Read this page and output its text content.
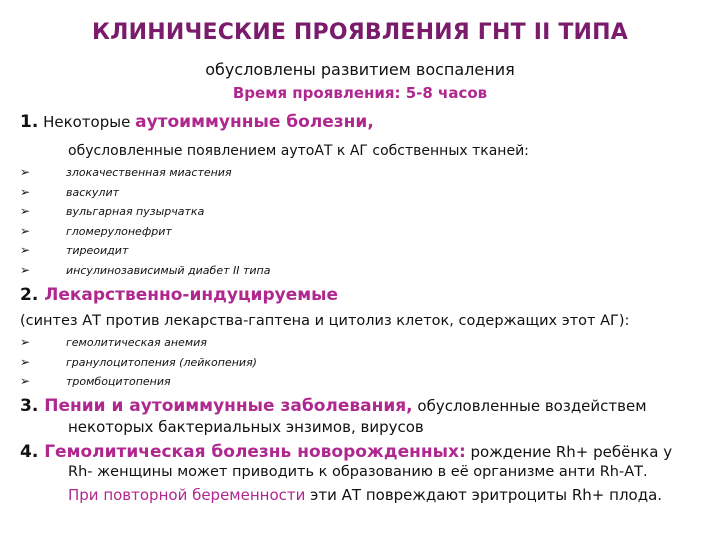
КЛИНИЧЕСКИЕ ПРОЯВЛЕНИЯ ГНТ II ТИПА
обусловлены развитием воспаления
Время проявления: 5-8 часов
1. Некоторые аутоиммунные болезни,
обусловленные появлением аутоАТ к АГ собственных тканей:
➢	злокачественная миастения
➢	васкулит
➢	вульгарная пузырчатка
➢	гломерулонефрит
➢	тиреоидит
➢	инсулинозависимый диабет II типа
2. Лекарственно-индуцируемые
(синтез АТ против лекарства-гаптена и цитолиз клеток, содержащих этот АГ):
➢	гемолитическая анемия
➢	гранулоцитопения (лейкопения)
➢	тромбоцитопения
3. Пении и аутоиммунные заболевания, обусловленные воздействем
некоторых бактериальных энзимов, вирусов
4. Гемолитическая болезнь новорожденных: рождение Rh+ ребёнка у
Rh- женщины может приводить к образованию в её организме анти Rh-АТ.
При повторной беременности эти АТ повреждают эритроциты Rh+ плода.
